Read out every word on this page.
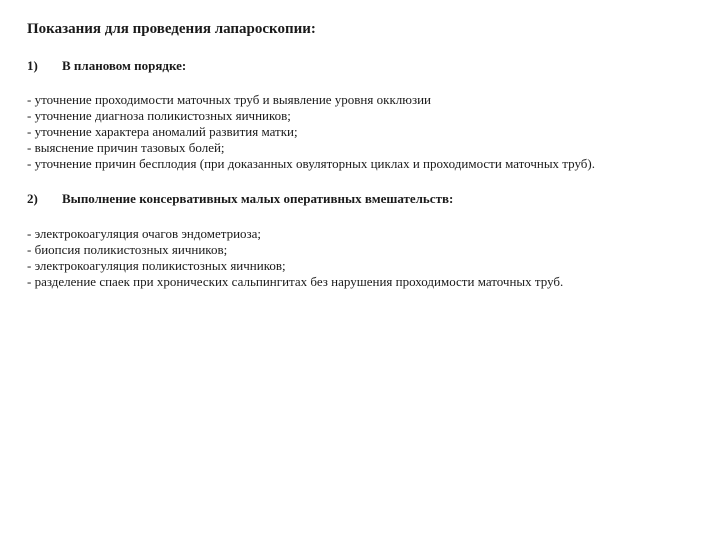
Показания для проведения лапароскопии:
1) В плановом порядке:
- уточнение проходимости маточных труб и выявление уровня окклюзии
- уточнение диагноза поликистозных яичников;
- уточнение характера аномалий развития матки;
- выяснение причин тазовых болей;
- уточнение причин бесплодия (при доказанных овуляторных циклах и проходимости маточных труб).
2) Выполнение консервативных малых оперативных вмешательств:
- электрокоагуляция очагов эндометриоза;
- биопсия поликистозных яичников;
- электрокоагуляция поликистозных яичников;
- разделение спаек при хронических сальпингитах без нарушения проходимости маточных труб.
